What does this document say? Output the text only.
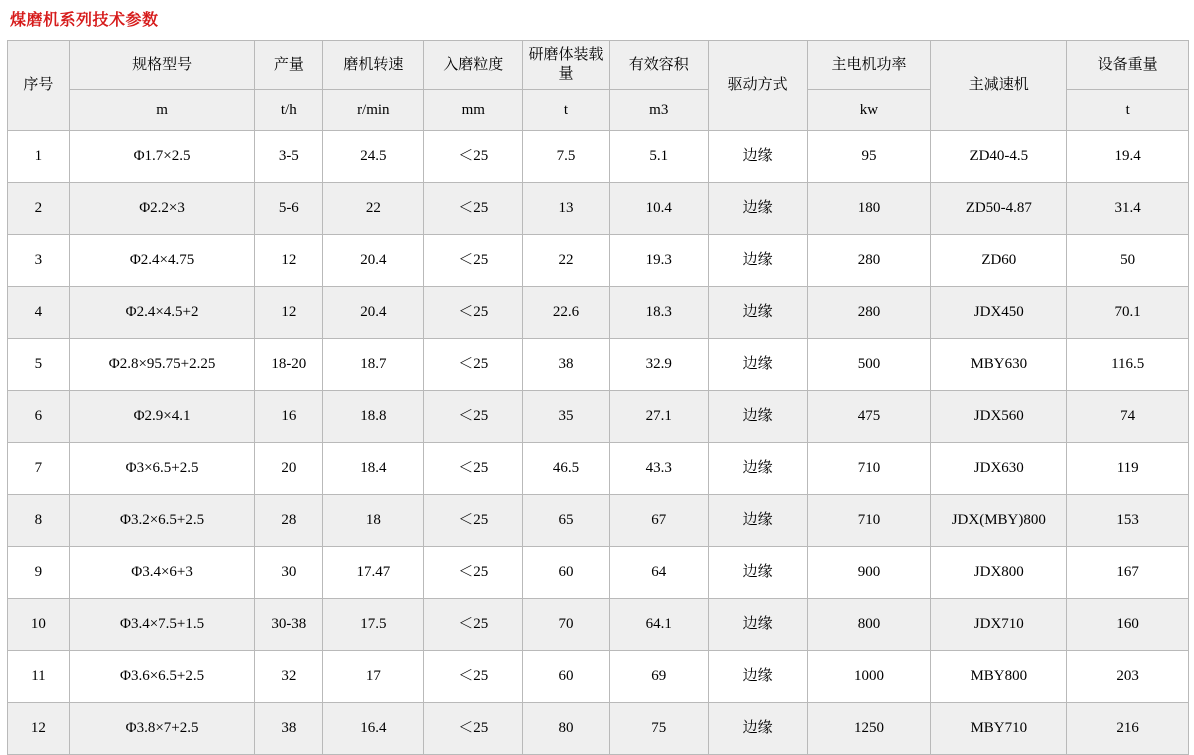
煤磨机系列技术参数
序号	规格型号	产量	磨机转速	入磨粒度	研磨体装载量	有效容积	驱动方式	主电机功率	主减速机	设备重量
	m	t/h	r/min	mm	t	m3		kw		t
1	Φ1.7×2.5	3-5	24.5	＜25	7.5	5.1	边缘	95	ZD40-4.5	19.4
2	Φ2.2×3	5-6	22	＜25	13	10.4	边缘	180	ZD50-4.87	31.4
3	Φ2.4×4.75	12	20.4	＜25	22	19.3	边缘	280	ZD60	50
4	Φ2.4×4.5+2	12	20.4	＜25	22.6	18.3	边缘	280	JDX450	70.1
5	Φ2.8×95.75+2.25	18-20	18.7	＜25	38	32.9	边缘	500	MBY630	116.5
6	Φ2.9×4.1	16	18.8	＜25	35	27.1	边缘	475	JDX560	74
7	Φ3×6.5+2.5	20	18.4	＜25	46.5	43.3	边缘	710	JDX630	119
8	Φ3.2×6.5+2.5	28	18	＜25	65	67	边缘	710	JDX(MBY)800	153
9	Φ3.4×6+3	30	17.47	＜25	60	64	边缘	900	JDX800	167
10	Φ3.4×7.5+1.5	30-38	17.5	＜25	70	64.1	边缘	800	JDX710	160
11	Φ3.6×6.5+2.5	32	17	＜25	60	69	边缘	1000	MBY800	203
12	Φ3.8×7+2.5	38	16.4	＜25	80	75	边缘	1250	MBY710	216
